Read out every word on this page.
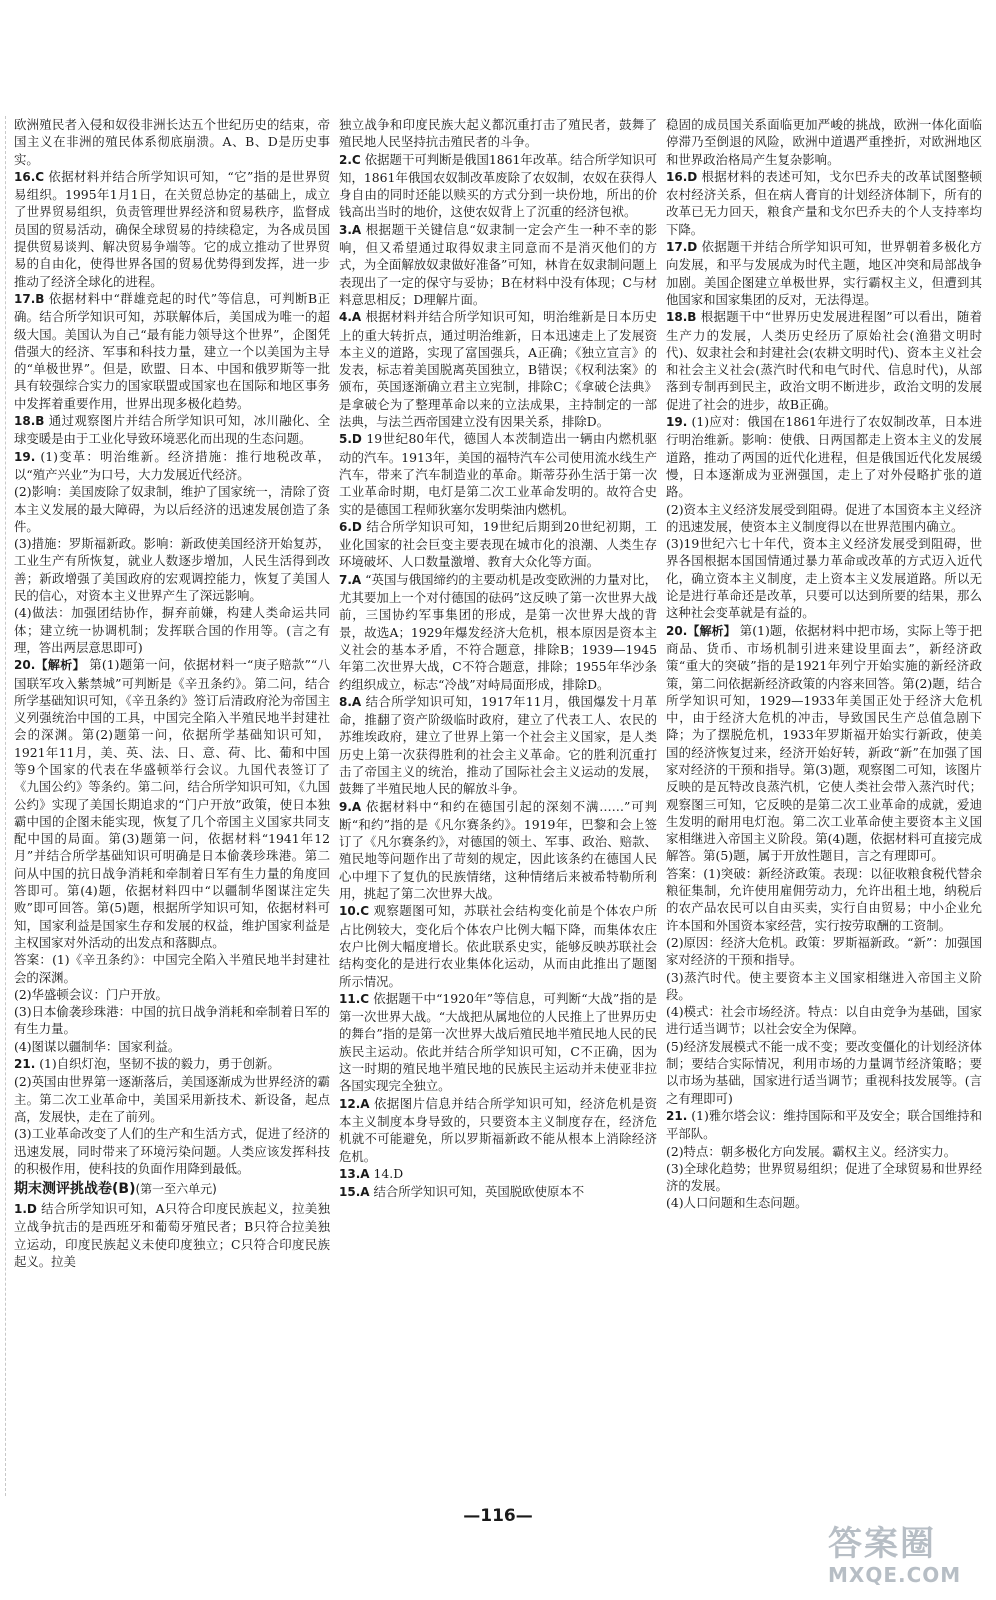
欧洲殖民者入侵和奴役非洲长达五个世纪历史的结束，帝国主义在非洲的殖民体系彻底崩溃。A、B、D是历史事实。

16.C 依据材料并结合所学知识可知，“它”指的是世界贸易组织。1995年1月1日，在关贸总协定的基础上，成立了世界贸易组织，负责管理世界经济和贸易秩序，监督成员国的贸易活动，确保全球贸易的持续稳定，为各成员国提供贸易谈判、解决贸易争端等。它的成立推动了世界贸易的自由化，使得世界各国的贸易优势得到发挥，进一步推动了经济全球化的进程。

17.B 依据材料中“群雄竞起的时代”等信息，可判断B正确。结合所学知识可知，苏联解体后，美国成为唯一的超级大国。美国认为自己“最有能力领导这个世界”，企图凭借强大的经济、军事和科技力量，建立一个以美国为主导的“单极世界”。但是，欧盟、日本、中国和俄罗斯等一批具有较强综合实力的国家联盟或国家也在国际和地区事务中发挥着重要作用，世界出现多极化趋势。

18.B 通过观察图片并结合所学知识可知，冰川融化、全球变暖是由于工业化导致环境恶化而出现的生态问题。

19. (1)变革：明治维新。经济措施：推行地税改革，以“殖产兴业”为口号，大力发展近代经济。

(2)影响：美国废除了奴隶制，维护了国家统一，清除了资本主义发展的最大障碍，为以后经济的迅速发展创造了条件。

(3)措施：罗斯福新政。影响：新政使美国经济开始复苏，工业生产有所恢复，就业人数逐步增加，人民生活得到改善；新政增强了美国政府的宏观调控能力，恢复了美国人民的信心，对资本主义世界产生了深远影响。

(4)做法：加强团结协作，摒弃前嫌，构建人类命运共同体；建立统一协调机制；发挥联合国的作用等。(言之有理，答出两层意思即可)

20.【解析】 第(1)题第一问，依据材料一“庚子赔款”“八国联军攻入紫禁城”可判断是《辛丑条约》。第二问，结合所学基础知识可知，《辛丑条约》签订后清政府沦为帝国主义列强统治中国的工具，中国完全陷入半殖民地半封建社会的深渊。第(2)题第一问，依据所学基础知识可知，1921年11月，美、英、法、日、意、荷、比、葡和中国等9个国家的代表在华盛顿举行会议。九国代表签订了《九国公约》等条约。第二问，结合所学知识可知，《九国公约》实现了美国长期追求的“门户开放”政策，使日本独霸中国的企图未能实现，恢复了几个帝国主义国家共同支配中国的局面。第(3)题第一问，依据材料“1941年12月”并结合所学基础知识可明确是日本偷袭珍珠港。第二问从中国的抗日战争消耗和牵制着日军有生力量的角度回答即可。第(4)题，依据材料四中“以疆制华图谋注定失败”即可回答。第(5)题，根据所学知识可知，依据材料可知，国家利益是国家生存和发展的权益，维护国家利益是主权国家对外活动的出发点和落脚点。

答案：(1)《辛丑条约》：中国完全陷入半殖民地半封建社会的深渊。

(2)华盛顿会议：门户开放。

(3)日本偷袭珍珠港：中国的抗日战争消耗和牵制着日军的有生力量。

(4)图谋以疆制华：国家利益。

21. (1)自织灯泡，坚韧不拔的毅力，勇于创新。

(2)英国由世界第一逐渐落后，美国逐渐成为世界经济的霸主。第二次工业革命中，美国采用新技术、新设备，起点高，发展快，走在了前列。

(3)工业革命改变了人们的生产和生活方式，促进了经济的迅速发展，同时带来了环境污染问题。人类应该发挥科技的积极作用，使科技的负面作用降到最低。

期末测评挑战卷(B)(第一至六单元)

1.D 结合所学知识可知，A只符合印度民族起义，拉美独立战争抗击的是西班牙和葡萄牙殖民者；B只符合拉美独立运动，印度民族起义未使印度独立；C只符合印度民族起义。拉美

独立战争和印度民族大起义都沉重打击了殖民者，鼓舞了殖民地人民坚持抗击殖民者的斗争。

2.C 依据题干可判断是俄国1861年改革。结合所学知识可知，1861年俄国农奴制改革废除了农奴制，农奴在获得人身自由的同时还能以赎买的方式分到一块份地，所出的价钱高出当时的地价，这使农奴背上了沉重的经济包袱。

3.A 根据题干关键信息“奴隶制一定会产生一种不幸的影响，但又希望通过取得奴隶主同意而不是消灭他们的方式，为全面解放奴隶做好准备”可知，林肯在奴隶制问题上表现出了一定的保守与妥协；B在材料中没有体现；C与材料意思相反；D理解片面。

4.A 根据材料并结合所学知识可知，明治维新是日本历史上的重大转折点，通过明治维新，日本迅速走上了发展资本主义的道路，实现了富国强兵，A正确；《独立宣言》的发表，标志着美国脱离英国独立，B错误；《权利法案》的颁布，英国逐渐确立君主立宪制，排除C；《拿破仑法典》是拿破仑为了整理革命以来的立法成果，主持制定的一部法典，与法兰西帝国建立没有因果关系，排除D。

5.D 19世纪80年代，德国人本茨制造出一辆由内燃机驱动的汽车。1913年，美国的福特汽车公司使用流水线生产汽车，带来了汽车制造业的革命。斯蒂芬孙生活于第一次工业革命时期，电灯是第二次工业革命发明的。故符合史实的是德国工程师狄塞尔发明柴油内燃机。

6.D 结合所学知识可知，19世纪后期到20世纪初期，工业化国家的社会巨变主要表现在城市化的浪潮、人类生存环境破坏、人口数量激增、教育大众化等方面。

7.A “英国与俄国缔约的主要动机是改变欧洲的力量对比，尤其要加上一个对付德国的砝码”这反映了第一次世界大战前，三国协约军事集团的形成，是第一次世界大战的背景，故选A；1929年爆发经济大危机，根本原因是资本主义社会的基本矛盾，不符合题意，排除B；1939—1945年第二次世界大战，C不符合题意，排除；1955年华沙条约组织成立，标志“冷战”对峙局面形成，排除D。

8.A 结合所学知识可知，1917年11月，俄国爆发十月革命，推翻了资产阶级临时政府，建立了代表工人、农民的苏维埃政府，建立了世界上第一个社会主义国家，是人类历史上第一次获得胜利的社会主义革命。它的胜利沉重打击了帝国主义的统治，推动了国际社会主义运动的发展，鼓舞了半殖民地人民的解放斗争。

9.A 依据材料中“和约在德国引起的深刻不满……”可判断“和约”指的是《凡尔赛条约》。1919年，巴黎和会上签订了《凡尔赛条约》，对德国的领土、军事、政治、赔款、殖民地等问题作出了苛刻的规定，因此该条约在德国人民心中埋下了复仇的民族情绪，这种情绪后来被希特勒所利用，挑起了第二次世界大战。

10.C 观察题图可知，苏联社会结构变化前是个体农户所占比例较大，变化后个体农户比例大幅下降，而集体农庄农户比例大幅度增长。依此联系史实，能够反映苏联社会结构变化的是进行农业集体化运动，从而由此推出了题图所示情况。

11.C 依据题干中“1920年”等信息，可判断“大战”指的是第一次世界大战。“大战把从属地位的人民推上了世界历史的舞台”指的是第一次世界大战后殖民地半殖民地人民的民族民主运动。依此并结合所学知识可知，C不正确，因为这一时期的殖民地半殖民地的民族民主运动并未使亚非拉各国实现完全独立。

12.A 依据图片信息并结合所学知识可知，经济危机是资本主义制度本身导致的，只要资本主义制度存在，经济危机就不可能避免，所以罗斯福新政不能从根本上消除经济危机。

13.A 14.D

15.A 结合所学知识可知，英国脱欧使原本不

稳固的成员国关系面临更加严峻的挑战，欧洲一体化面临停滞乃至倒退的风险，欧洲中道遇严重挫折，对欧洲地区和世界政治格局产生复杂影响。

16.D 根据材料的表述可知，戈尔巴乔夫的改革试图整顿农村经济关系，但在病人膏肓的计划经济体制下，所有的改革已无力回天，粮食产量和戈尔巴乔夫的个人支持率均下降。

17.D 依据题干并结合所学知识可知，世界朝着多极化方向发展，和平与发展成为时代主题，地区冲突和局部战争加剧。美国企图建立单极世界，实行霸权主义，但遭到其他国家和国家集团的反对，无法得逞。

18.B 根据题干中“世界历史发展进程图”可以看出，随着生产力的发展，人类历史经历了原始社会(渔猎文明时代)、奴隶社会和封建社会(农耕文明时代)、资本主义社会和社会主义社会(蒸汽时代和电气时代、信息时代)，从部落到专制再到民主，政治文明不断进步，政治文明的发展促进了社会的进步，故B正确。

19. (1)应对：俄国在1861年进行了农奴制改革，日本进行明治维新。影响：使俄、日两国都走上资本主义的发展道路，推动了两国的近代化进程，但是俄国近代化发展缓慢，日本逐渐成为亚洲强国，走上了对外侵略扩张的道路。

(2)资本主义经济发展受到阻碍。促进了本国资本主义经济的迅速发展，使资本主义制度得以在世界范围内确立。

(3)19世纪六七十年代，资本主义经济发展受到阻碍，世界各国根据本国国情通过暴力革命或改革的方式迈入近代化，确立资本主义制度，走上资本主义发展道路。所以无论是进行革命还是改革，只要可以达到所要的结果，那么这种社会变革就是有益的。

20.【解析】 第(1)题，依据材料中把市场，实际上等于把商品、货币、市场机制引进来建设里面去”，新经济政策“重大的突破”指的是1921年列宁开始实施的新经济政策，第二问依据新经济政策的内容来回答。第(2)题，结合所学知识可知，1929—1933年美国正处于经济大危机中，由于经济大危机的冲击，导致国民生产总值急剧下降；为了摆脱危机，1933年罗斯福开始实行新政，使美国的经济恢复过来，经济开始好转，新政“新”在加强了国家对经济的干预和指导。第(3)题，观察图二可知，该图片反映的是瓦特改良蒸汽机，它使人类社会带入蒸汽时代；观察图三可知，它反映的是第二次工业革命的成就，爱迪生发明的耐用电灯泡。第二次工业革命使主要资本主义国家相继进入帝国主义阶段。第(4)题，依据材料可直接完成解答。第(5)题，属于开放性题目，言之有理即可。

答案：(1)突破：新经济政策。表现：以征收粮食税代替余粮征集制，允许使用雇佣劳动力，允许出租土地，纳税后的农产品农民可以自由买卖，实行自由贸易；中小企业允许本国和外国资本家经营，实行按劳取酬的工资制。

(2)原因：经济大危机。政策：罗斯福新政。“新”：加强国家对经济的干预和指导。

(3)蒸汽时代。使主要资本主义国家相继进入帝国主义阶段。

(4)模式：社会市场经济。特点：以自由竞争为基础，国家进行适当调节；以社会安全为保障。

(5)经济发展模式不能一成不变；要改变僵化的计划经济体制；要结合实际情况，利用市场的力量调节经济策略；要以市场为基础，国家进行适当调节；重视科技发展等。(言之有理即可)

21. (1)雅尔塔会议：维持国际和平及安全；联合国维持和平部队。

(2)特点：朝多极化方向发展。霸权主义。经济实力。

(3)全球化趋势；世界贸易组织；促进了全球贸易和世界经济的发展。

(4)人口问题和生态问题。

—116—
答案圈
MXQE.COM
